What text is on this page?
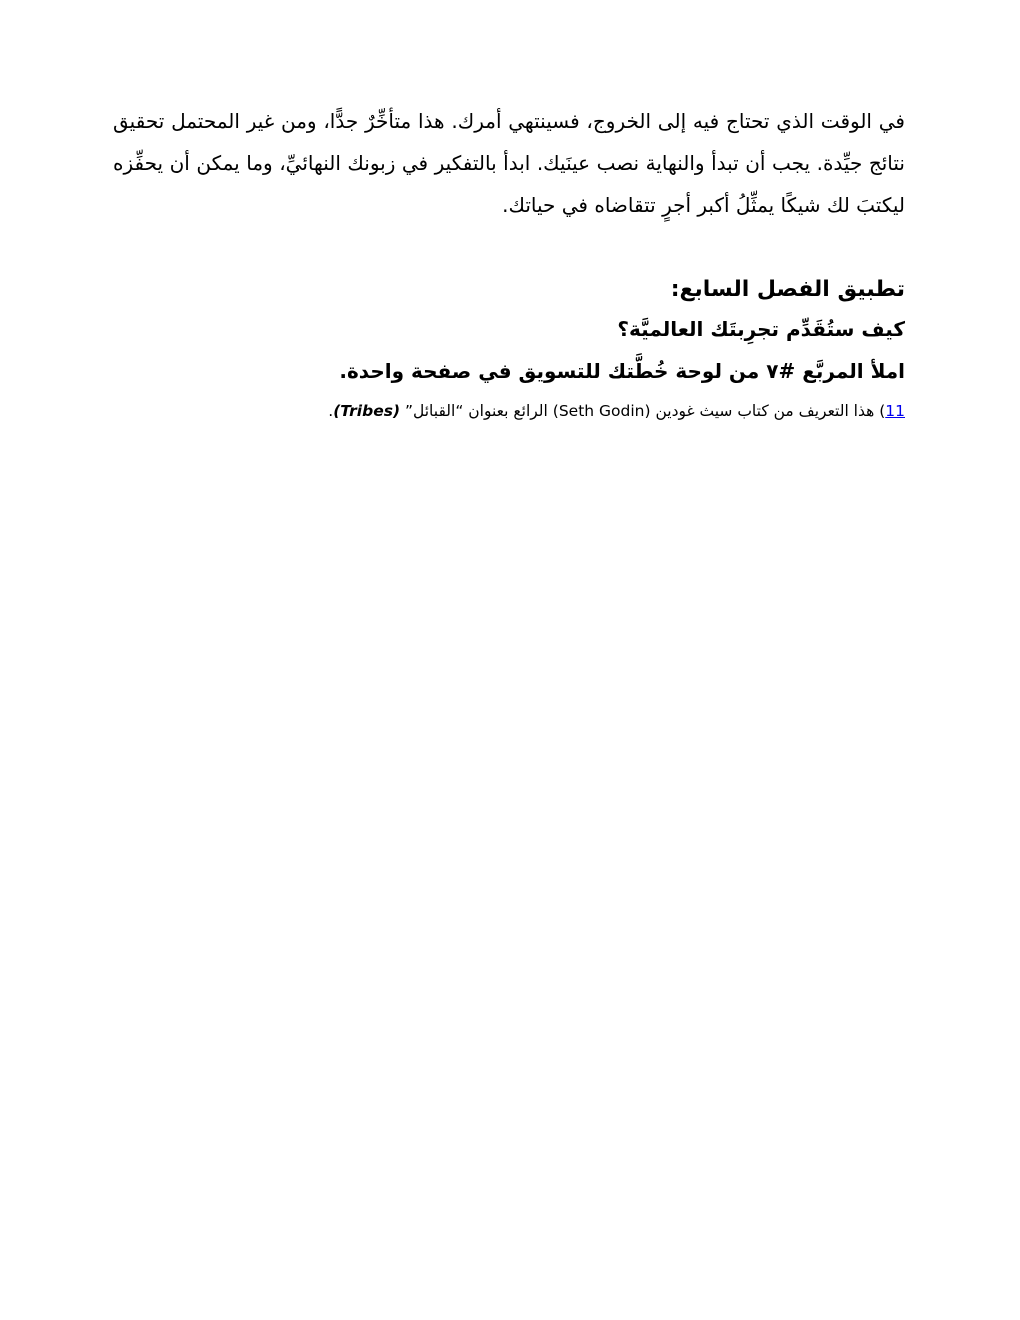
في الوقت الذي تحتاج فيه إلى الخروج، فسينتهي أمرك. هذا متأخِّرٌ جدًّا، ومن غير المحتمل تحقيق نتائج جيِّدة. يجب أن تبدأ والنهاية نصب عينَيك. ابدأ بالتفكير في زبونك النهائيِّ، وما يمكن أن يحفِّزه ليكتبَ لك شيكًا يمثِّلُ أكبر أجرٍ تتقاضاه في حياتك.

تطبيق الفصل السابع:

كيف ستُقَدِّم تجرِبتَك العالميَّة؟

املأ المربَّع #٧ من لوحة خُطَّتك للتسويق في صفحة واحدة.

11) هذا التعريف من كتاب سيث غودين (Seth Godin) الرائع بعنوان “القبائل” (Tribes).
